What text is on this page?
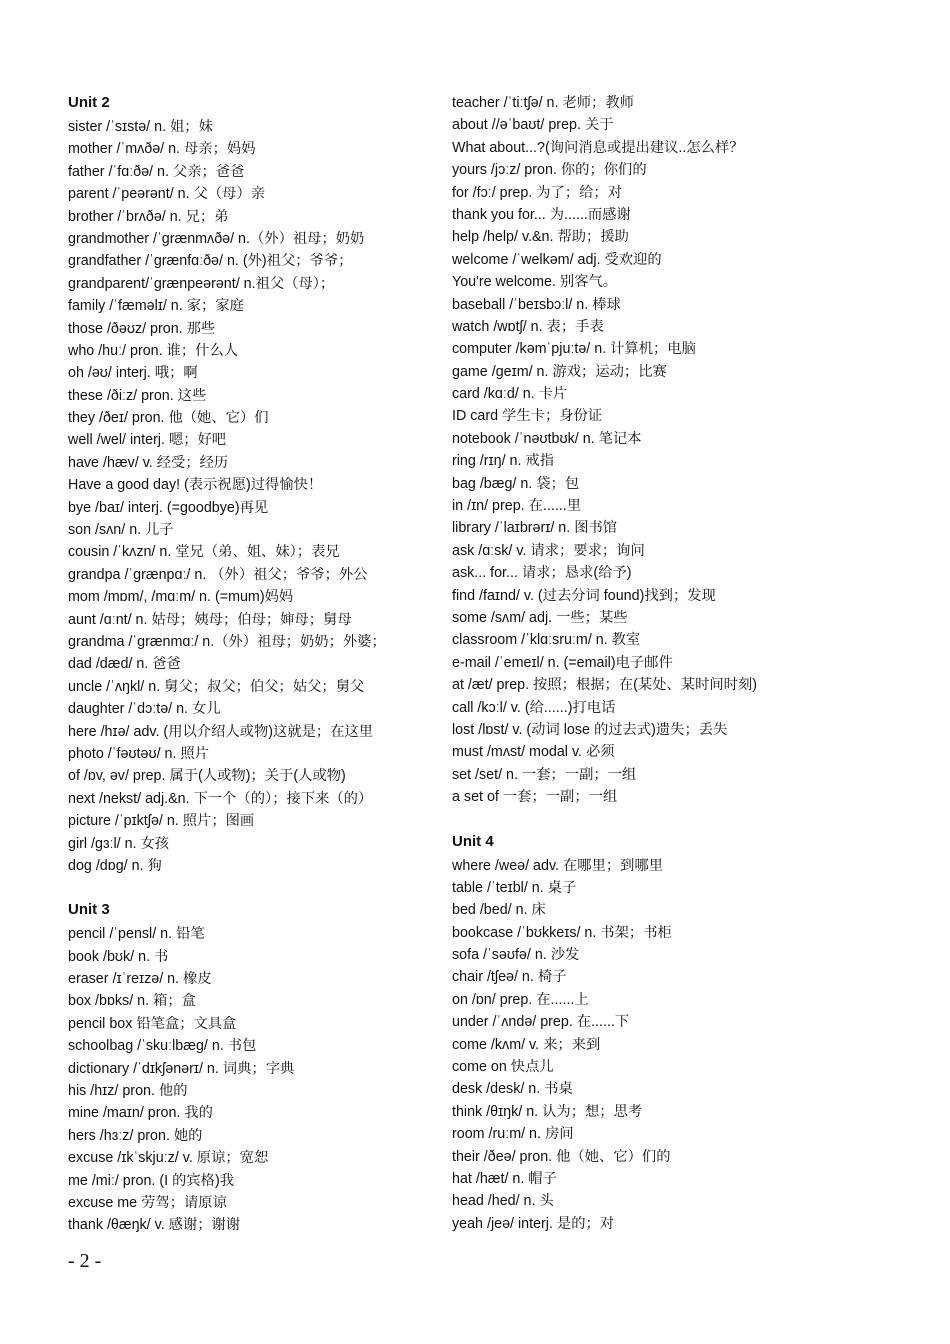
Unit 2
sister /ˈsɪstə/ n. 姐；妹
mother /ˈmʌðə/ n. 母亲；妈妈
father /ˈfɑːðə/ n. 父亲；爸爸
parent /ˈpeərənt/ n. 父（母）亲
brother /ˈbrʌðə/ n. 兄；弟
grandmother /ˈgrænmʌðə/ n.（外）祖母；奶奶
grandfather /ˈgrænfɑːðə/ n. (外)祖父；爷爷；
grandparent/ˈgrænpeərənt/ n.祖父（母）；
family /ˈfæməlɪ/ n. 家；家庭
those /ðəʊz/ pron. 那些
who /huː/ pron. 谁；什么人
oh /əʊ/ interj. 哦；啊
these /ðiːz/ pron. 这些
they /ðeɪ/ pron. 他（她、它）们
well /wel/ interj. 嗯；好吧
have /hæv/ v. 经受；经历
Have a good day! (表示祝愿)过得愉快！
bye /baɪ/ interj. (=goodbye)再见
son /sʌn/ n. 儿子
cousin /ˈkʌzn/ n. 堂兄（弟、姐、妹）；表兄
grandpa /ˈgrænpɑː/ n. （外）祖父；爷爷；外公
mom /mɒm/, /mɑːm/ n. (=mum)妈妈
aunt /ɑːnt/ n. 姑母；姨母；伯母；婶母；舅母
grandma /ˈgrænmɑː/ n.（外）祖母；奶奶；外婆；
dad /dæd/ n. 爸爸
uncle /ˈʌŋkl/ n. 舅父；叔父；伯父；姑父；舅父
daughter /ˈdɔːtə/ n. 女儿
here /hɪə/ adv. (用以介绍人或物)这就是；在这里
photo /ˈfəʊtəʊ/ n. 照片
of /ɒv, əv/ prep. 属于(人或物)；关于(人或物)
next /nekst/ adj.&n. 下一个（的）；接下来（的）
picture /ˈpɪktʃə/ n. 照片；图画
girl /gɜːl/ n. 女孩
dog /dɒg/ n. 狗
Unit 3
pencil /ˈpensl/ n. 铅笔
book /bʊk/ n. 书
eraser /ɪˈreɪzə/ n. 橡皮
box /bɒks/ n. 箱；盒
pencil box 铅笔盒；文具盒
schoolbag /ˈskuːlbæg/ n. 书包
dictionary /ˈdɪkʃənərɪ/ n. 词典；字典
his /hɪz/ pron. 他的
mine /maɪn/ pron. 我的
hers /hɜːz/ pron. 她的
excuse /ɪkˈskjuːz/ v. 原谅；宽恕
me /miː/ pron. (I 的宾格)我
excuse me 劳驾；请原谅
thank /θæŋk/ v. 感谢；谢谢
teacher /ˈtiːtʃə/ n. 老师；教师
about //əˈbaʊt/ prep. 关于
What about...?(询问消息或提出建议..怎么样？
yours /jɔːz/ pron. 你的；你们的
for /fɔː/ prep. 为了；给；对
thank you for... 为......而感谢
help /help/ v.&n. 帮助；援助
welcome /ˈwelkəm/ adj. 受欢迎的
You're welcome. 别客气。
baseball /ˈbeɪsbɔːl/ n. 棒球
watch /wɒtʃ/ n. 表；手表
computer /kəmˈpjuːtə/ n. 计算机；电脑
game /geɪm/ n. 游戏；运动；比赛
card /kɑːd/ n. 卡片
ID card 学生卡；身份证
notebook /ˈnəʊtbʊk/ n. 笔记本
ring /rɪŋ/ n. 戒指
bag /bæg/ n. 袋；包
in /ɪn/ prep. 在......里
library /ˈlaɪbrərɪ/ n. 图书馆
ask /ɑːsk/ v. 请求；要求；询问
ask... for... 请求；恳求(给予)
find /faɪnd/ v. (过去分词 found)找到；发现
some /sʌm/ adj. 一些；某些
classroom /ˈklɑːsruːm/ n. 教室
e-mail /ˈemeɪl/ n. (=email)电子邮件
at /æt/ prep. 按照；根据；在(某处、某时间时刻)
call /kɔːl/ v. (给......)打电话
lost /lɒst/ v. (动词 lose 的过去式)遗失；丢失
must /mʌst/ modal v. 必须
set /set/ n. 一套；一副；一组
a set of 一套；一副；一组
Unit 4
where /weə/ adv. 在哪里；到哪里
table /ˈteɪbl/ n. 桌子
bed /bed/ n. 床
bookcase /ˈbʊkkeɪs/ n. 书架；书柜
sofa /ˈsəʊfə/ n. 沙发
chair /tʃeə/ n. 椅子
on /ɒn/ prep. 在......上
under /ˈʌndə/ prep. 在......下
come /kʌm/ v. 来；来到
come on 快点儿
desk /desk/ n. 书桌
think /θɪŋk/ n. 认为；想；思考
room /ruːm/ n. 房间
their /ðeə/ pron. 他（她、它）们的
hat /hæt/ n. 帽子
head /hed/ n. 头
yeah /jeə/ interj. 是的；对
- 2 -
